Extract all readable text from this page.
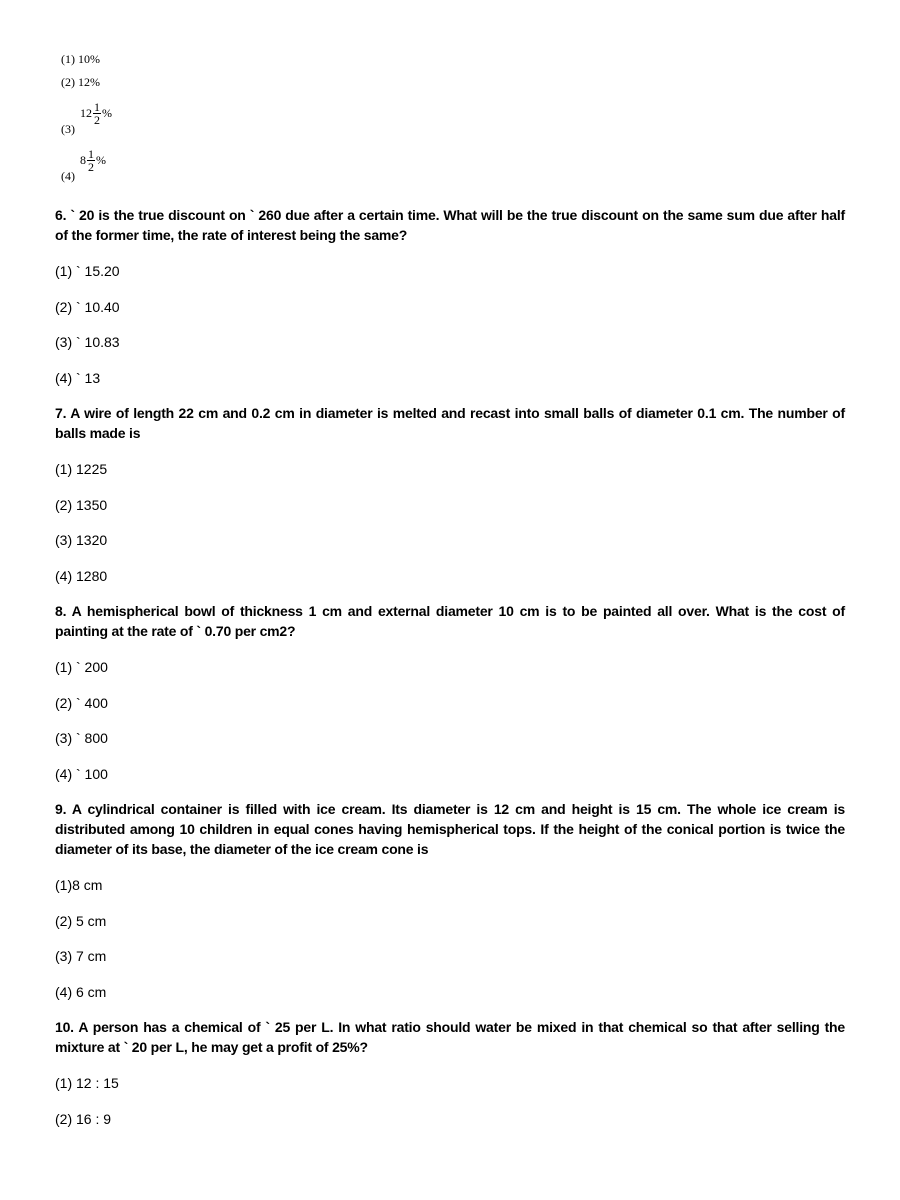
(1) 10%
(2) 12%
(3)
$12 \frac{1}{2}$ %
(4)
$8 \frac{1}{2}$ %
6. ` 20 is the true discount on ` 260 due after a certain time. What will be the true discount on the same sum due after half of the former time, the rate of interest being the same?
(1) ` 15.20
(2) ` 10.40
(3) ` 10.83
(4) ` 13
7. A wire of length 22 cm and 0.2 cm in diameter is melted and recast into small balls of diameter 0.1 cm. The number of balls made is
(1) 1225
(2) 1350
(3) 1320
(4) 1280
8. A hemispherical bowl of thickness 1 cm and external diameter 10 cm is to be painted all over. What is the cost of painting at the rate of ` 0.70 per cm2?
(1) ` 200
(2) ` 400
(3) ` 800
(4) ` 100
9. A cylindrical container is filled with ice cream. Its diameter is 12 cm and height is 15 cm. The whole ice cream is distributed among 10 children in equal cones having hemispherical tops. If the height of the conical portion is twice the diameter of its base, the diameter of the ice cream cone is
(1)8 cm
(2) 5 cm
(3) 7 cm
(4) 6 cm
10. A person has a chemical of ` 25 per L. In what ratio should water be mixed in that chemical so that after selling the mixture at ` 20 per L, he may get a profit of 25%?
(1) 12 : 15
(2) 16 : 9
